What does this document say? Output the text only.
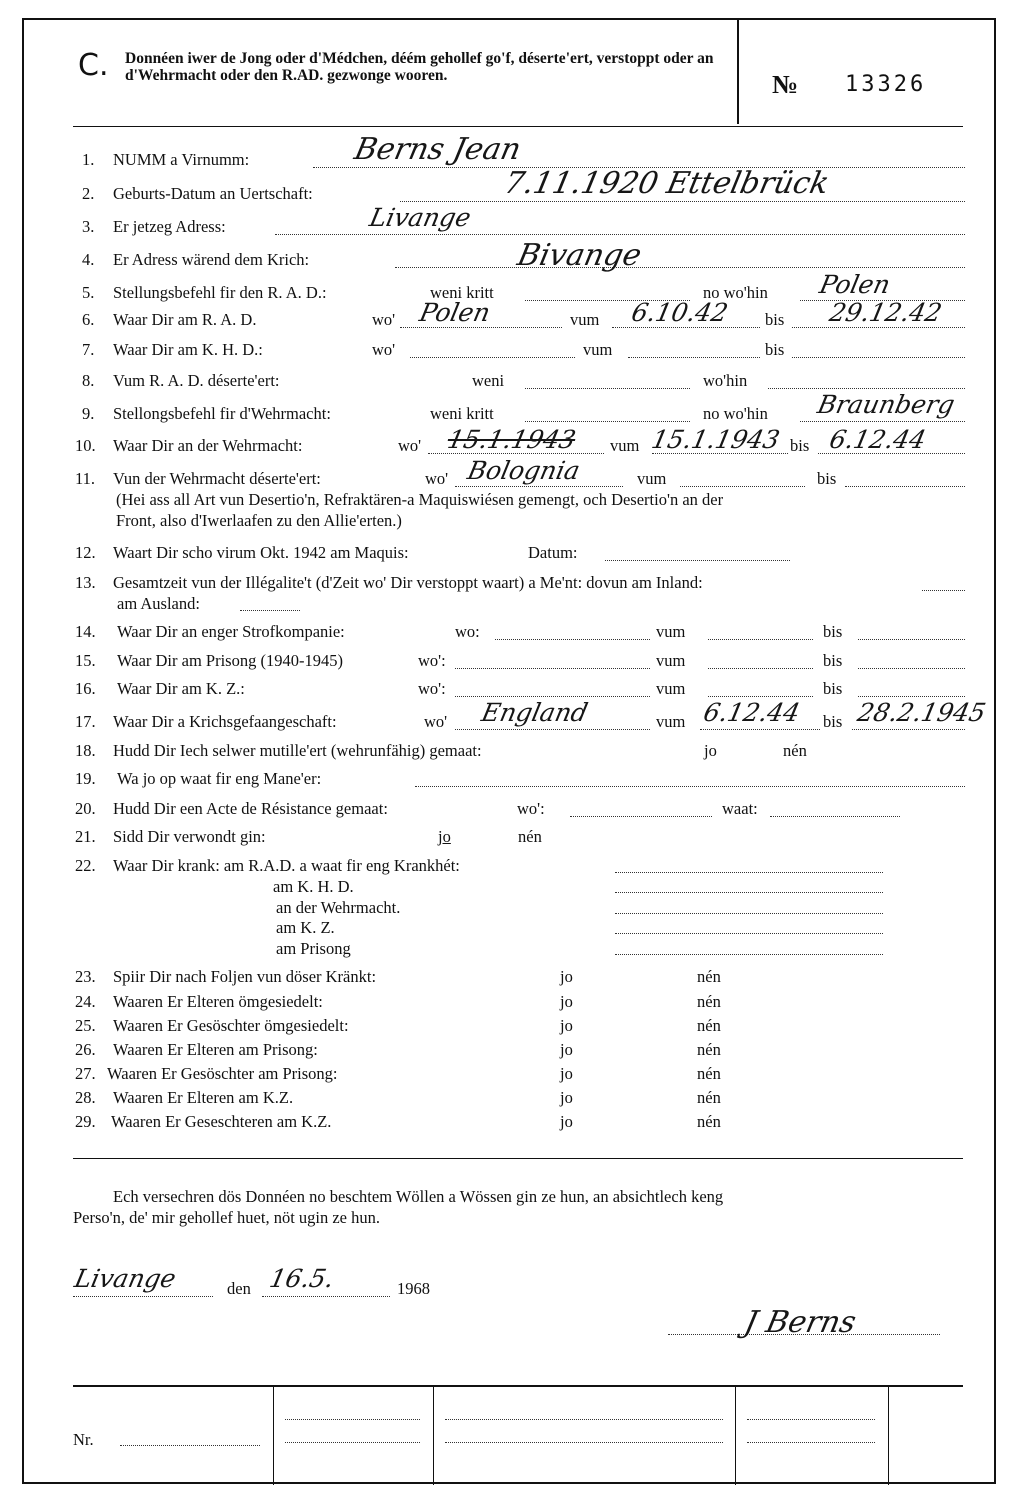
C. Donnéen iwer de Jong oder d'Médchen, déém gehollef go'f, déserte'ert, verstoppt oder an d'Wehrmacht oder den R.AD. gezwonge wooren.	№ 13326
1. NUMM a Virnumm:	Berns Jean
2. Geburts-Datum an Uertschaft:	7.11.1920 Ettelbrück
3. Er jetzeg Adress:	Livange
4. Er Adress wärend dem Krich:	Bivange
5. Stellungsbefehl fir den R. A. D.:	weni kritt	no wo'hin Polen
6. Waar Dir am R. A. D.	wo' Polen	vum 6.10.42 bis 29.12.42
7. Waar Dir am K. H. D.:	wo'	vum	bis
8. Vum R. A. D. déserte'ert:	weni	wo'hin
9. Stellongsbefehl fir d'Wehrmacht:	weni kritt	no wo'hin Braunberg
10. Waar Dir an der Wehrmacht:	wo' 15.1.1943 vum 15.1.1943 bis 6.12.44
11. Vun der Wehrmacht déserte'ert:	wo' Bolognia	vum	bis
(Hei ass all Art vun Desertio'n, Refraktären-a Maquiswiésen gemengt, och Desertio'n an der
Front, also d'Iwerlaafen zu den Allie'erten.)
12. Waart Dir scho virum Okt. 1942 am Maquis:	Datum:
13. Gesamtzeit vun der Illégalite't (d'Zeit wo' Dir verstoppt waart) a Me'nt: dovun am Inland:
am Ausland:
14. Waar Dir an enger Strofkompanie:	wo:	vum	bis
15. Waar Dir am Prisong (1940-1945)	wo':	vum	bis
16. Waar Dir am K. Z.:	wo':	vum	bis
17. Waar Dir a Krichsgefaangeschaft:	wo' England	vum 6.12.44 bis 28.2.1945
18. Hudd Dir Iech selwer mutille'ert (wehrunfähig) gemaat:	jo	nén
19. Wa jo op waat fir eng Mane'er:
20. Hudd Dir een Acte de Résistance gemaat:	wo':	waat:
21. Sidd Dir verwondt gin:	jo	nén
22. Waar Dir krank: am R.A.D. a waat fir eng Krankhét:
am K. H. D.
an der Wehrmacht.
am K. Z.
am Prisong
23. Spiir Dir nach Foljen vun döser Kränkt:	jo	nén
24. Waaren Er Elteren ömgesiedelt:	jo	nén
25. Waaren Er Gesöschter ömgesiedelt:	jo	nén
26. Waaren Er Elteren am Prisong:	jo	nén
27. Waaren Er Gesöschter am Prisong:	jo	nén
28. Waaren Er Elteren am K.Z.	jo	nén
29. Waaren Er Geseschteren am K.Z.	jo	nén
Ech versechren dös Donnéen no beschtem Wöllen a Wössen gin ze hun, an absichtlech keng
Perso'n, de' mir gehollef huet, nöt ugin ze hun.
Livange	den 16.5.	1968
J Berns
Nr.
